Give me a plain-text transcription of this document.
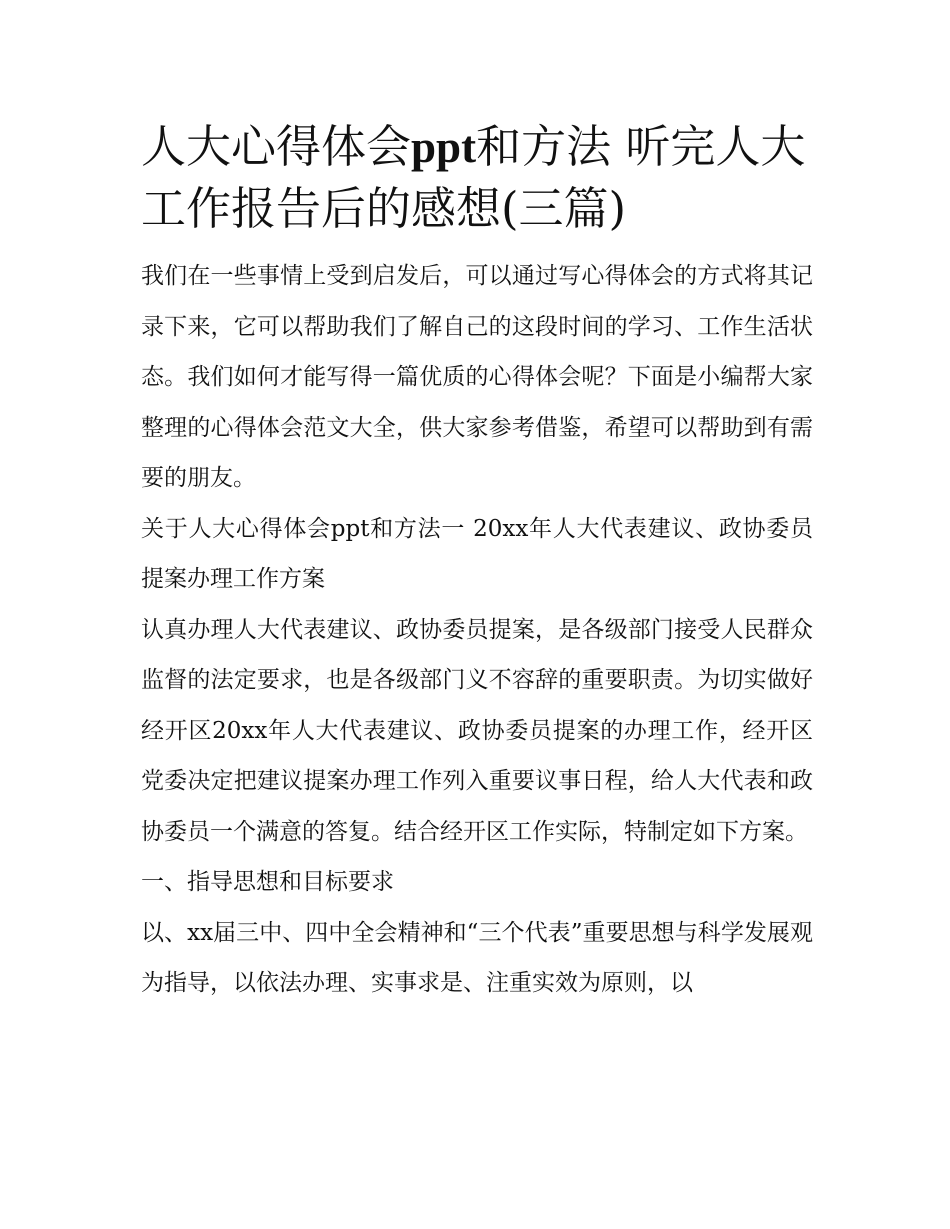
人大心得体会ppt和方法 听完人大工作报告后的感想(三篇)

我们在一些事情上受到启发后，可以通过写心得体会的方式将其记录下来，它可以帮助我们了解自己的这段时间的学习、工作生活状态。我们如何才能写得一篇优质的心得体会呢？下面是小编帮大家整理的心得体会范文大全，供大家参考借鉴，希望可以帮助到有需要的朋友。

关于人大心得体会ppt和方法一 20xx年人大代表建议、政协委员提案办理工作方案

认真办理人大代表建议、政协委员提案，是各级部门接受人民群众监督的法定要求，也是各级部门义不容辞的重要职责。为切实做好经开区20xx年人大代表建议、政协委员提案的办理工作，经开区党委决定把建议提案办理工作列入重要议事日程，给人大代表和政协委员一个满意的答复。结合经开区工作实际，特制定如下方案。

一、指导思想和目标要求

以、xx届三中、四中全会精神和“三个代表”重要思想与科学发展观为指导，以依法办理、实事求是、注重实效为原则，以
